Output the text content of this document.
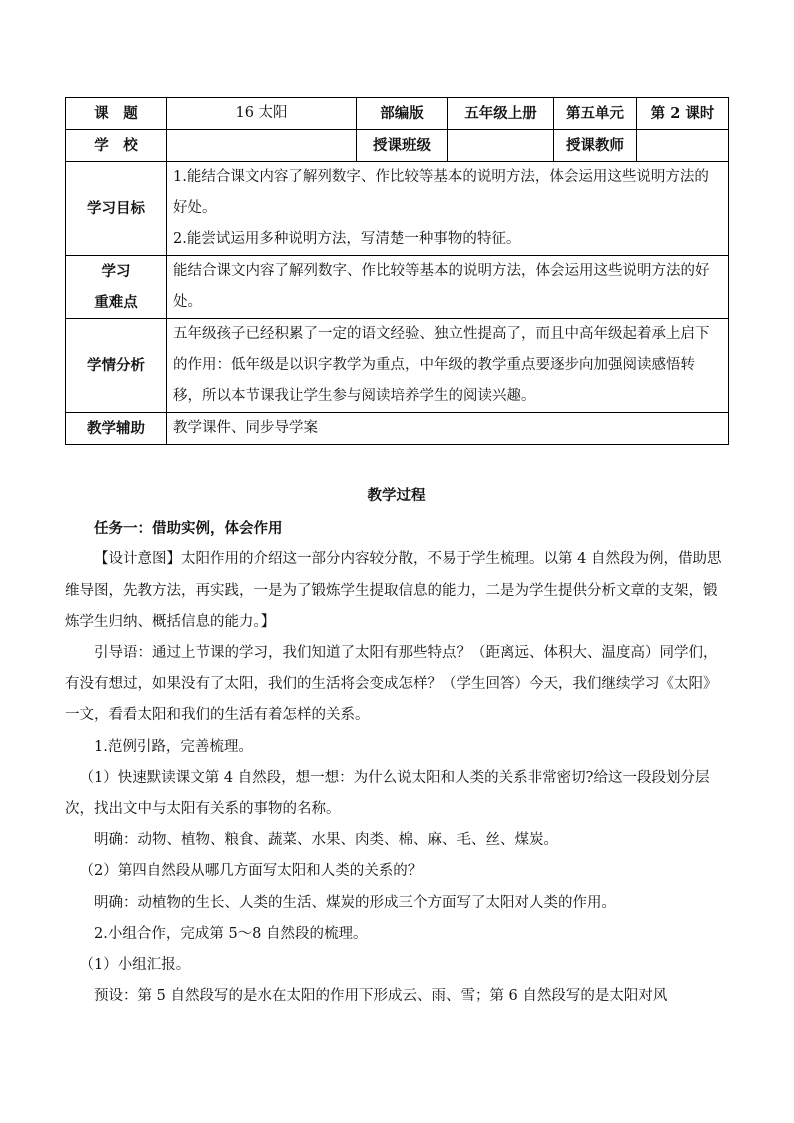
课　题	16 太阳	部编版	五年级上册	第五单元	第 2 课时
学　校		授课班级		授课教师	
学习目标	1.能结合课文内容了解列数字、作比较等基本的说明方法，体会运用这些说明方法的好处。
2.能尝试运用多种说明方法，写清楚一种事物的特征。				

学习
重难点	能结合课文内容了解列数字、作比较等基本的说明方法，体会运用这些说明方法的好处。				
学情分析	五年级孩子已经积累了一定的语文经验、独立性提高了，而且中高年级起着承上启下的作用：低年级是以识字教学为重点，中年级的教学重点要逐步向加强阅读感悟转移，所以本节课我让学生参与阅读培养学生的阅读兴趣。				
教学辅助	教学课件、同步导学案				

教学过程

任务一：借助实例，体会作用

【设计意图】太阳作用的介绍这一部分内容较分散，不易于学生梳理。以第 4 自然段为例，借助思维导图，先教方法，再实践，一是为了锻炼学生提取信息的能力，二是为学生提供分析文章的支架，锻炼学生归纳、概括信息的能力。】

引导语：通过上节课的学习，我们知道了太阳有那些特点？（距离远、体积大、温度高）同学们，有没有想过，如果没有了太阳，我们的生活将会变成怎样？（学生回答）今天，我们继续学习《太阳》一文，看看太阳和我们的生活有着怎样的关系。

1.范例引路，完善梳理。

（1）快速默读课文第 4 自然段，想一想：为什么说太阳和人类的关系非常密切?给这一段段划分层次，找出文中与太阳有关系的事物的名称。

明确：动物、植物、粮食、蔬菜、水果、肉类、棉、麻、毛、丝、煤炭。

（2）第四自然段从哪几方面写太阳和人类的关系的？

明确：动植物的生长、人类的生活、煤炭的形成三个方面写了太阳对人类的作用。

2.小组合作，完成第 5～8 自然段的梳理。

（1）小组汇报。

预设：第 5 自然段写的是水在太阳的作用下形成云、雨、雪；第 6 自然段写的是太阳对风
